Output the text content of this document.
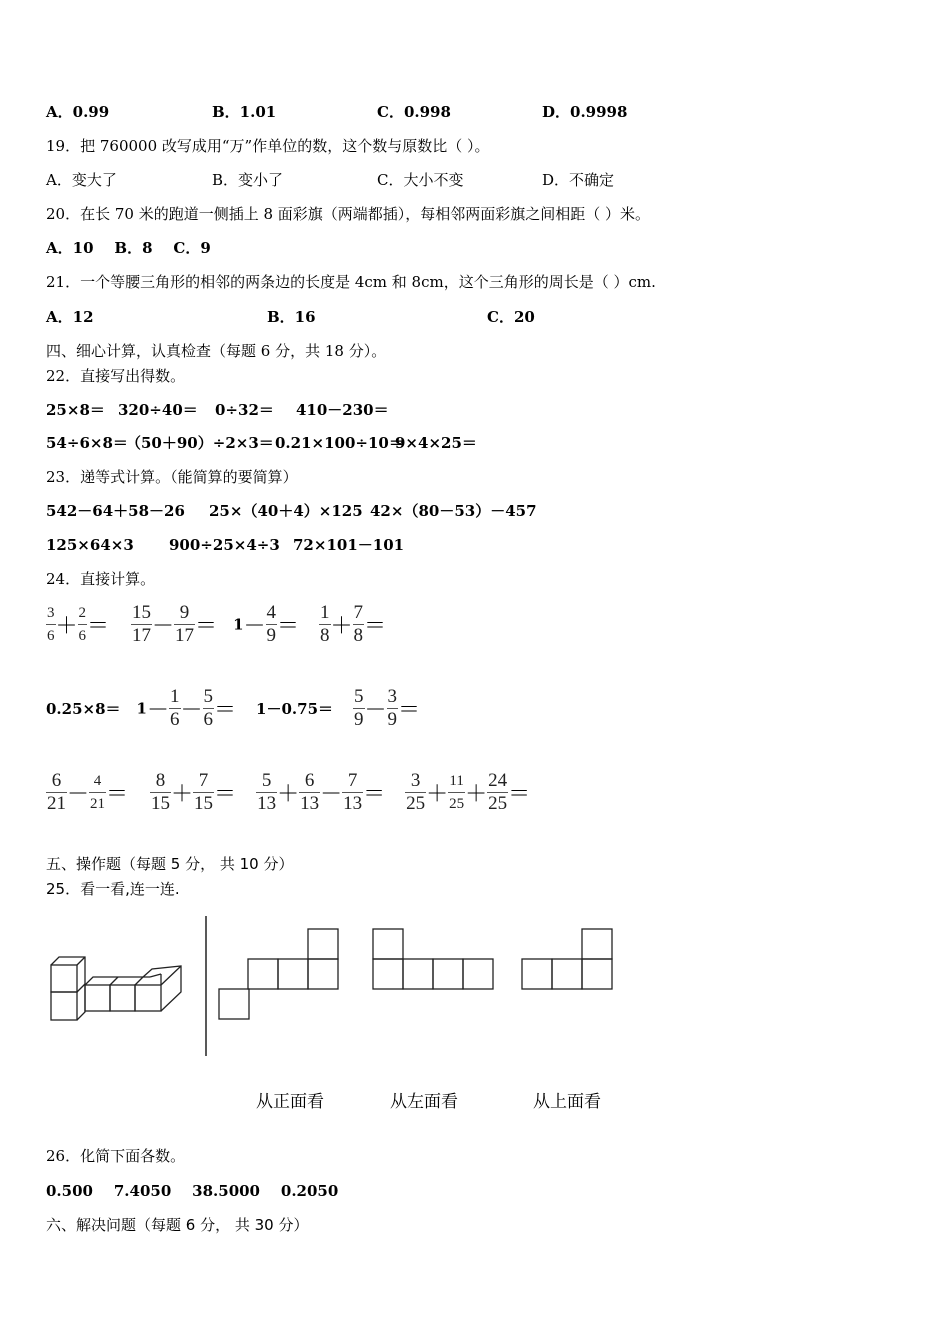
A．0.99	B．1.01	C．0.998	D．0.9998
19．把 760000 改写成用“万”作单位的数，这个数与原数比（ ）。
A．变大了	B．变小了	C．大小不变	D．不确定
20．在长 70 米的跑道一侧插上 8 面彩旗（两端都插），每相邻两面彩旗之间相距（ ）米。
A．10    B．8    C．9
21．一个等腰三角形的相邻的两条边的长度是 4cm 和 8cm，这个三角形的周长是（ ）cm.
A．12	B．16	C．20
四、细心计算，认真检查（每题 6 分，共 18 分）。
22．直接写出得数。
25×8＝ 320÷40＝ 0÷32＝ 410－230＝
54÷6×8＝
（50＋90）÷2×3＝ 0.21×100÷10＝
9×4×25＝
23．递等式计算。（能简算的要简算）
542－64＋58－26 25×（40＋4）×125 42×（80－53）－457
125×64×3 900÷25×4÷3 72×101－101
24．直接计算。
$\frac{3}{6} + \frac{2}{6} = \frac{15}{17} - \frac{9}{17} = 1- \frac{4}{9} = \frac{1}{8} + \frac{7}{8}$ ＝
$0.25\times 8= 1- \frac{1}{6} - \frac{5}{6} = 1-0.75= \frac{5}{9} - \frac{3}{9}$ ＝
$\frac{6}{21} - \frac{4}{21} = \frac{8}{15} + \frac{7}{15} = \frac{5}{13} + \frac{6}{13} - \frac{7}{13} = \frac{3}{25} + \frac{11}{25} + \frac{24}{25}$ ＝
五、操作题（每题 5 分， 共 10 分）
25．看一看,连一连.
从正面看	从左面看	从上面看
26．化简下面各数。
0.500    7.4050    38.5000    0.2050
六、解决问题（每题 6 分， 共 30 分）
